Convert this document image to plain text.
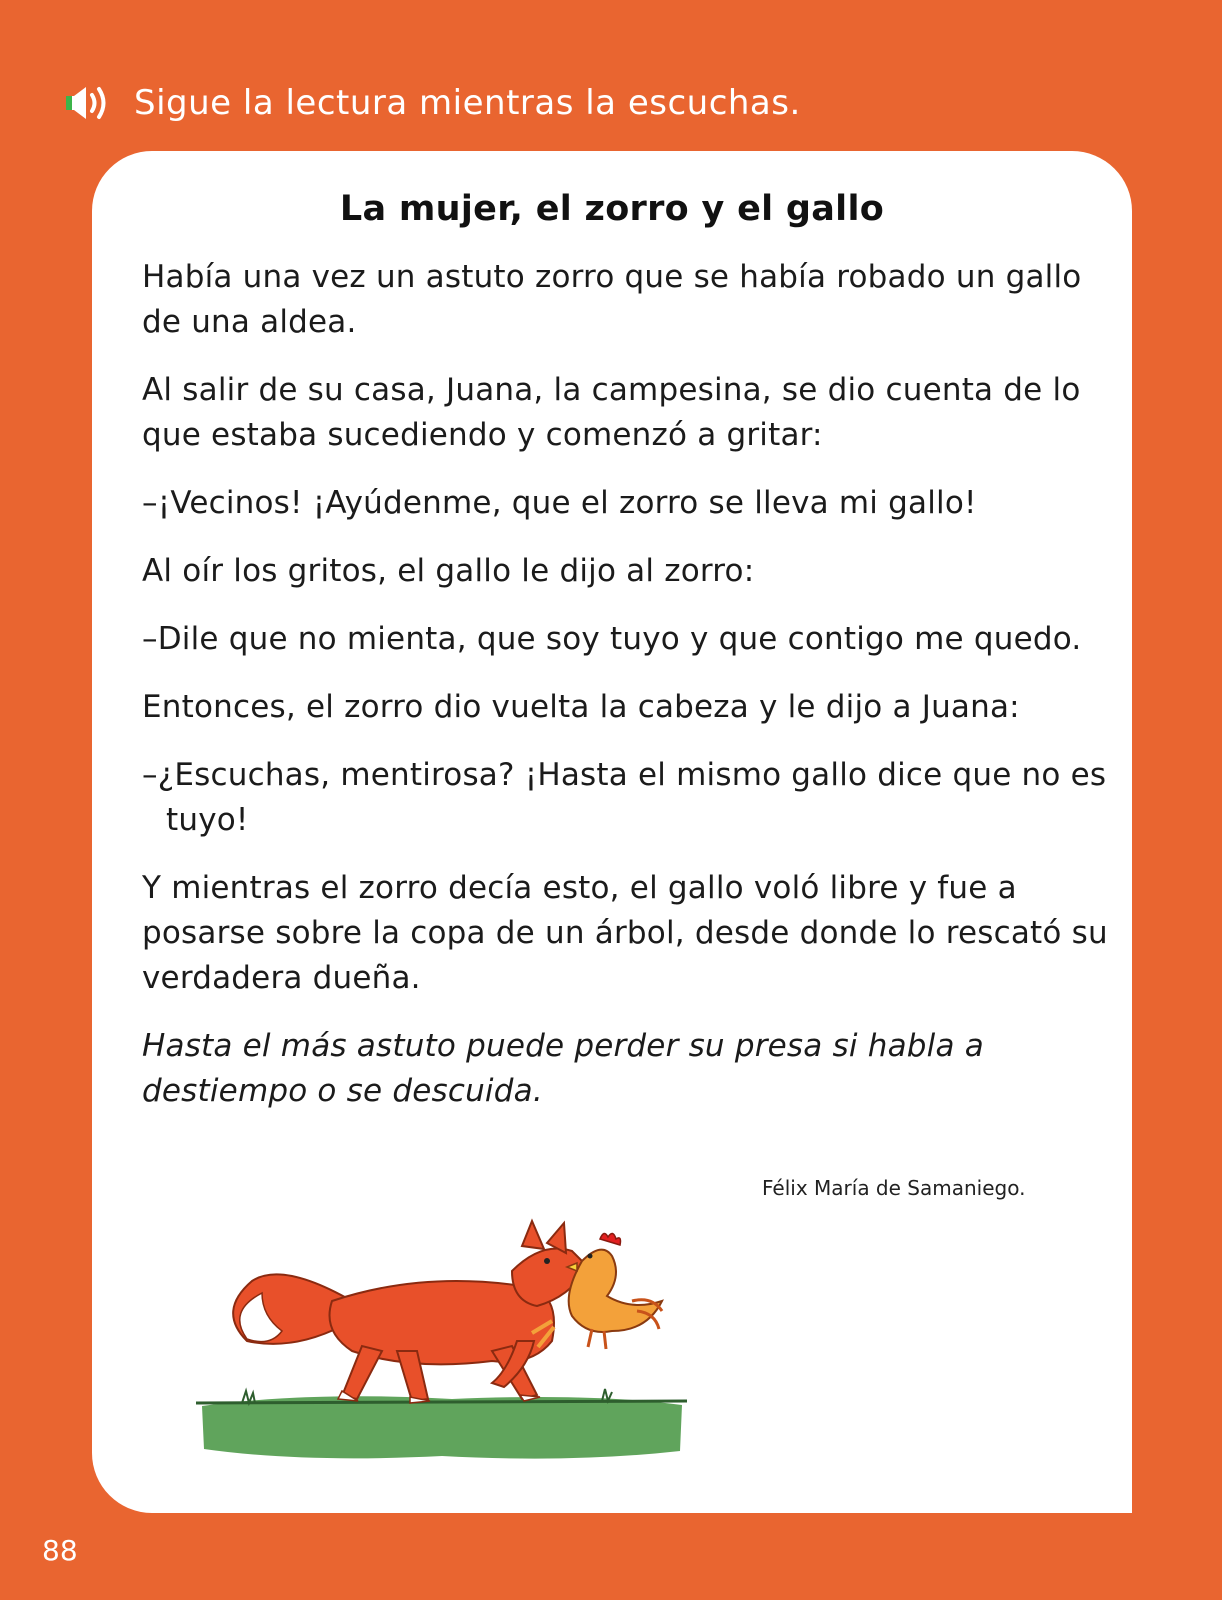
Sigue la lectura mientras la escuchas.
La mujer, el zorro y el gallo

Había una vez un astuto zorro que se había robado un gallo de una aldea.

Al salir de su casa, Juana, la campesina, se dio cuenta de lo que estaba sucediendo y comenzó a gritar:

–¡Vecinos! ¡Ayúdenme, que el zorro se lleva mi gallo!

Al oír los gritos, el gallo le dijo al zorro:

–Dile que no mienta, que soy tuyo y que contigo me quedo.

Entonces, el zorro dio vuelta la cabeza y le dijo a Juana:

–¿Escuchas, mentirosa? ¡Hasta el mismo gallo dice que no es tuyo!

Y mientras el zorro decía esto, el gallo voló libre y fue a posarse sobre la copa de un árbol, desde donde lo rescató su verdadera dueña.

Hasta el más astuto puede perder su presa si habla a destiempo o se descuida.

Félix María de Samaniego.
88
